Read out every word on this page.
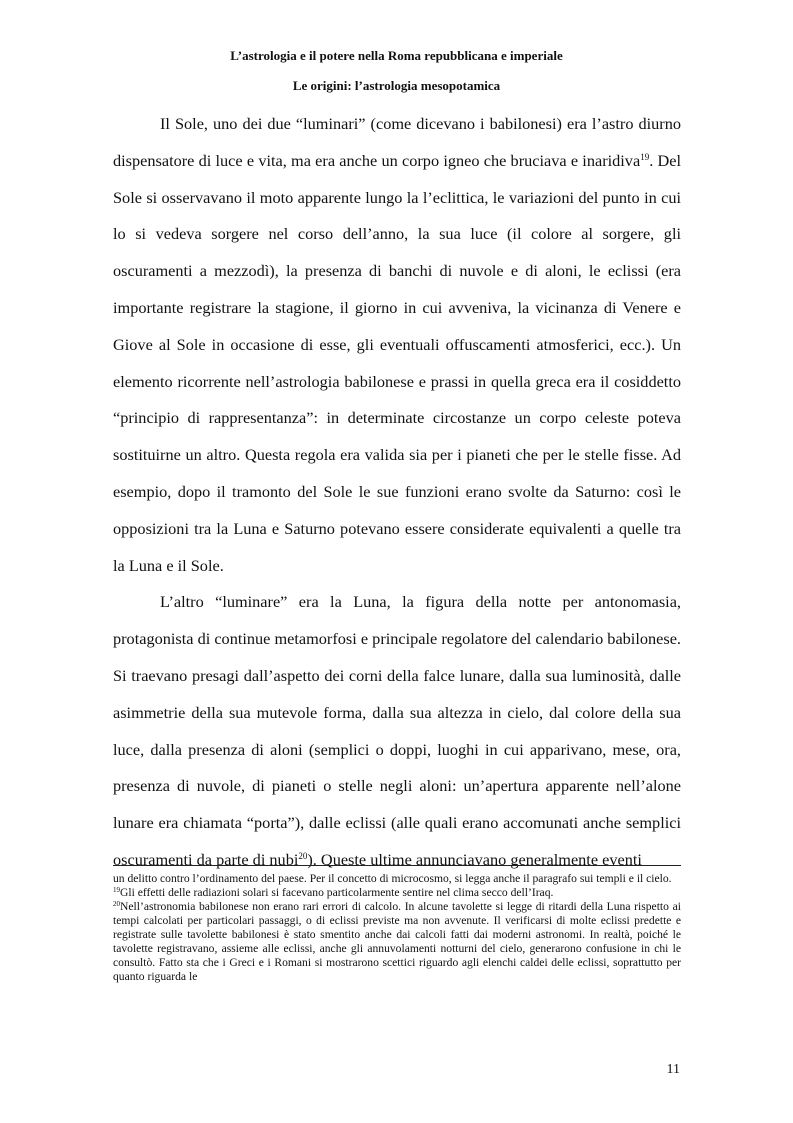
L’astrologia e il potere nella Roma repubblicana e imperiale
Le origini: l’astrologia mesopotamica

Il Sole, uno dei due “luminari” (come dicevano i babilonesi) era l’astro diurno dispensatore di luce e vita, ma era anche un corpo igneo che bruciava e inaridiva$^{19}$. Del Sole si osservavano il moto apparente lungo la l’eclittica, le variazioni del punto in cui lo si vedeva sorgere nel corso dell’anno, la sua luce (il colore al sorgere, gli oscuramenti a mezzodì), la presenza di banchi di nuvole e di aloni, le eclissi (era importante registrare la stagione, il giorno in cui avveniva, la vicinanza di Venere e Giove al Sole in occasione di esse, gli eventuali offuscamenti atmosferici, ecc.). Un elemento ricorrente nell’astrologia babilonese e prassi in quella greca era il cosiddetto “principio di rappresentanza”: in determinate circostanze un corpo celeste poteva sostituirne un altro. Questa regola era valida sia per i pianeti che per le stelle fisse. Ad esempio, dopo il tramonto del Sole le sue funzioni erano svolte da Saturno: così le opposizioni tra la Luna e Saturno potevano essere considerate equivalenti a quelle tra la Luna e il Sole.

L’altro “luminare” era la Luna, la figura della notte per antonomasia, protagonista di continue metamorfosi e principale regolatore del calendario babilonese. Si traevano presagi dall’aspetto dei corni della falce lunare, dalla sua luminosità, dalle asimmetrie della sua mutevole forma, dalla sua altezza in cielo, dal colore della sua luce, dalla presenza di aloni (semplici o doppi, luoghi in cui apparivano, mese, ora, presenza di nuvole, di pianeti o stelle negli aloni: un’apertura apparente nell’alone lunare era chiamata “porta”), dalle eclissi (alle quali erano accomunati anche semplici oscuramenti da parte di nubi$^{20}$). Queste ultime annunciavano generalmente eventi

un delitto contro l’ordinamento del paese. Per il concetto di microcosmo, si legga anche il paragrafo sui templi e il cielo.

$^{19}$Gli effetti delle radiazioni solari si facevano particolarmente sentire nel clima secco dell’Iraq.

$^{20}$Nell’astronomia babilonese non erano rari errori di calcolo. In alcune tavolette si legge di ritardi della Luna rispetto ai tempi calcolati per particolari passaggi, o di eclissi previste ma non avvenute. Il verificarsi di molte eclissi predette e registrate sulle tavolette babilonesi è stato smentito anche dai calcoli fatti dai moderni astronomi. In realtà, poiché le tavolette registravano, assieme alle eclissi, anche gli annuvolamenti notturni del cielo, generarono confusione in chi le consultò. Fatto sta che i Greci e i Romani si mostrarono scettici riguardo agli elenchi caldei delle eclissi, soprattutto per quanto riguarda le

11
